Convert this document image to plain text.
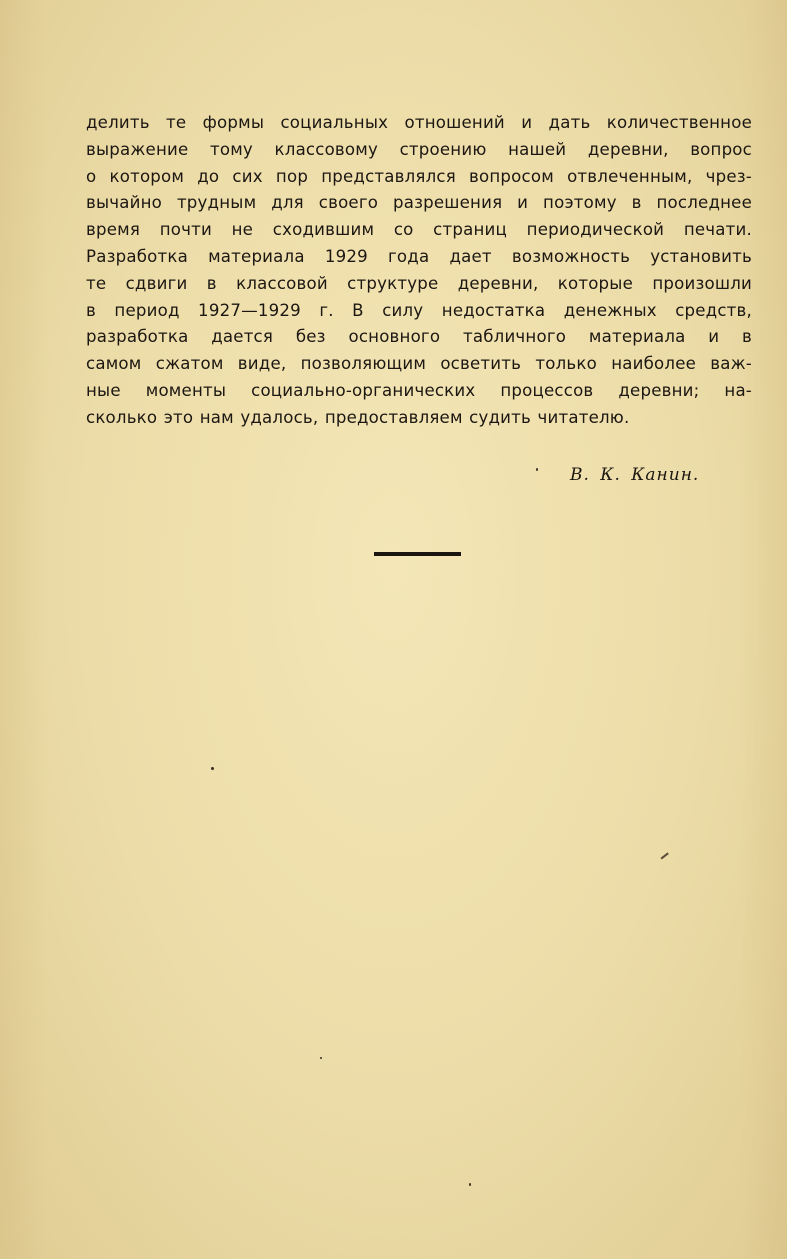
делить те формы социальных отношений и дать количественное
выражение тому классовому строению нашей деревни, вопрос
о котором до сих пор представлялся вопросом отвлеченным, чрез-
вычайно трудным для своего разрешения и поэтому в последнее
время почти не сходившим со страниц периодической печати.
Разработка материала 1929 года дает возможность установить
те сдвиги в классовой структуре деревни, которые произошли
в период 1927—1929 г. В силу недостатка денежных средств,
разработка дается без основного табличного материала и в
самом сжатом виде, позволяющим осветить только наиболее важ-
ные моменты социально-органических процессов деревни; на-
сколько это нам удалось, предоставляем судить читателю.
В. К. Канин.
